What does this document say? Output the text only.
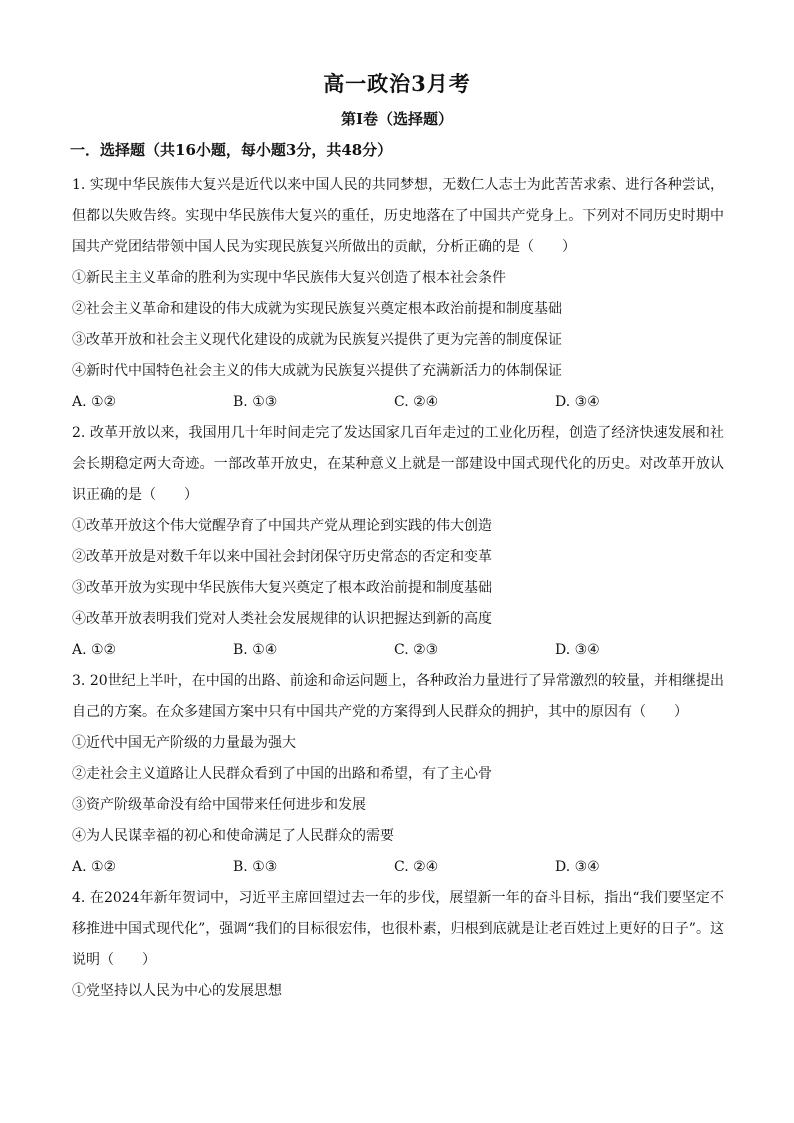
高一政治3月考
第Ⅰ卷（选择题）
一．选择题（共16小题，每小题3分，共48分）

1. 实现中华民族伟大复兴是近代以来中国人民的共同梦想，无数仁人志士为此苦苦求索、进行各种尝试，但都以失败告终。实现中华民族伟大复兴的重任，历史地落在了中国共产党身上。下列对不同历史时期中国共产党团结带领中国人民为实现民族复兴所做出的贡献，分析正确的是（　　）

①新民主主义革命的胜利为实现中华民族伟大复兴创造了根本社会条件

②社会主义革命和建设的伟大成就为实现民族复兴奠定根本政治前提和制度基础

③改革开放和社会主义现代化建设的成就为民族复兴提供了更为完善的制度保证

④新时代中国特色社会主义的伟大成就为民族复兴提供了充满新活力的体制保证

A. ①②	B. ①③	C. ②④	D. ③④

2. 改革开放以来，我国用几十年时间走完了发达国家几百年走过的工业化历程，创造了经济快速发展和社会长期稳定两大奇迹。一部改革开放史，在某种意义上就是一部建设中国式现代化的历史。对改革开放认识正确的是（　　）

①改革开放这个伟大觉醒孕育了中国共产党从理论到实践的伟大创造

②改革开放是对数千年以来中国社会封闭保守历史常态的否定和变革

③改革开放为实现中华民族伟大复兴奠定了根本政治前提和制度基础

④改革开放表明我们党对人类社会发展规律的认识把握达到新的高度

A. ①②	B. ①④	C. ②③	D. ③④

3. 20世纪上半叶，在中国的出路、前途和命运问题上，各种政治力量进行了异常激烈的较量，并相继提出自己的方案。在众多建国方案中只有中国共产党的方案得到人民群众的拥护，其中的原因有（　　）

①近代中国无产阶级的力量最为强大

②走社会主义道路让人民群众看到了中国的出路和希望，有了主心骨

③资产阶级革命没有给中国带来任何进步和发展

④为人民谋幸福的初心和使命满足了人民群众的需要

A. ①②	B. ①③	C. ②④	D. ③④

4. 在2024年新年贺词中，习近平主席回望过去一年的步伐，展望新一年的奋斗目标，指出“我们要坚定不移推进中国式现代化”，强调“我们的目标很宏伟，也很朴素，归根到底就是让老百姓过上更好的日子”。这说明（　　）

①党坚持以人民为中心的发展思想
